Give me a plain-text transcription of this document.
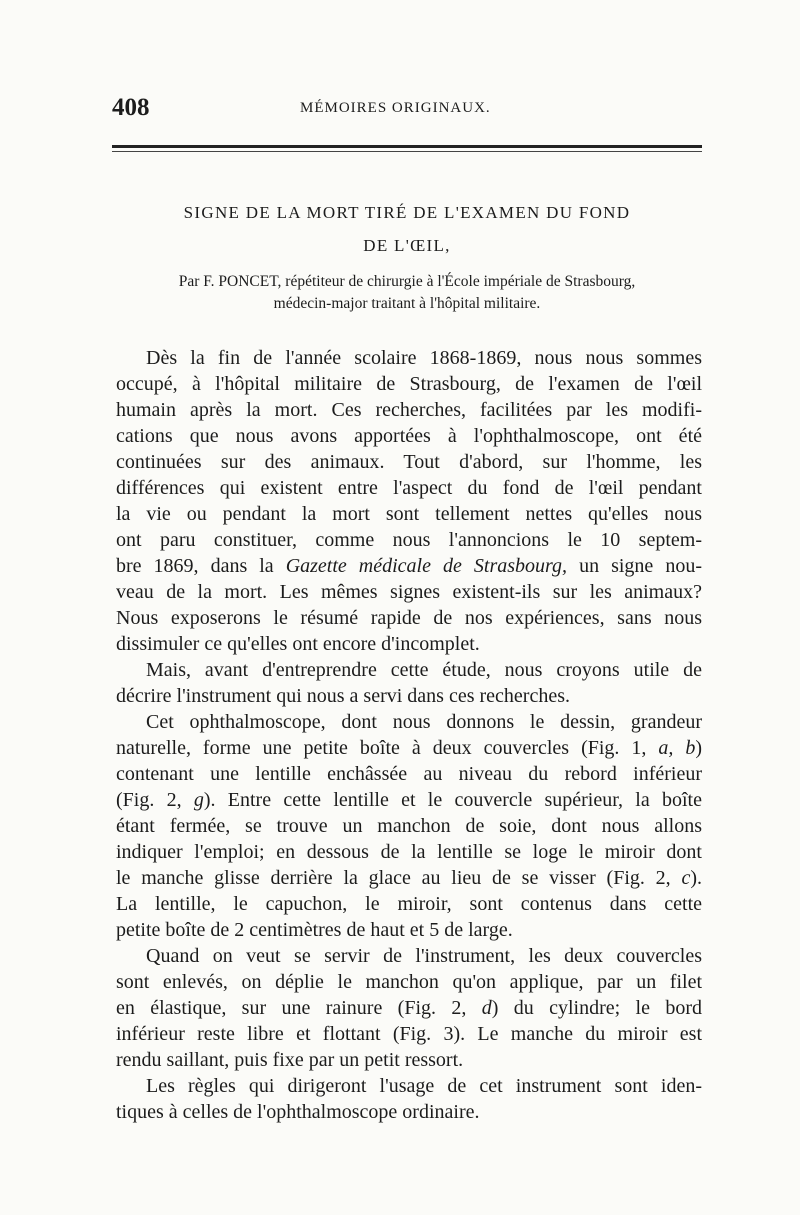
408	MÉMOIRES ORIGINAUX.
SIGNE DE LA MORT TIRÉ DE L'EXAMEN DU FOND
DE L'ŒIL,
Par F. PONCET, répétiteur de chirurgie à l'École impériale de Strasbourg,
médecin-major traitant à l'hôpital militaire.
Dès la fin de l'année scolaire 1868-1869, nous nous sommes
occupé, à l'hôpital militaire de Strasbourg, de l'examen de l'œil
humain après la mort. Ces recherches, facilitées par les modifi-
cations que nous avons apportées à l'ophthalmoscope, ont été
continuées sur des animaux. Tout d'abord, sur l'homme, les
différences qui existent entre l'aspect du fond de l'œil pendant
la vie ou pendant la mort sont tellement nettes qu'elles nous
ont paru constituer, comme nous l'annoncions le 10 septem-
bre 1869, dans la Gazette médicale de Strasbourg, un signe nou-
veau de la mort. Les mêmes signes existent-ils sur les animaux?
Nous exposerons le résumé rapide de nos expériences, sans nous
dissimuler ce qu'elles ont encore d'incomplet.
Mais, avant d'entreprendre cette étude, nous croyons utile de
décrire l'instrument qui nous a servi dans ces recherches.
Cet ophthalmoscope, dont nous donnons le dessin, grandeur
naturelle, forme une petite boîte à deux couvercles (Fig. 1, a, b)
contenant une lentille enchâssée au niveau du rebord inférieur
(Fig. 2, g). Entre cette lentille et le couvercle supérieur, la boîte
étant fermée, se trouve un manchon de soie, dont nous allons
indiquer l'emploi; en dessous de la lentille se loge le miroir dont
le manche glisse derrière la glace au lieu de se visser (Fig. 2, c).
La lentille, le capuchon, le miroir, sont contenus dans cette
petite boîte de 2 centimètres de haut et 5 de large.
Quand on veut se servir de l'instrument, les deux couvercles
sont enlevés, on déplie le manchon qu'on applique, par un filet
en élastique, sur une rainure (Fig. 2, d) du cylindre; le bord
inférieur reste libre et flottant (Fig. 3). Le manche du miroir est
rendu saillant, puis fixe par un petit ressort.
Les règles qui dirigeront l'usage de cet instrument sont iden-
tiques à celles de l'ophthalmoscope ordinaire.
